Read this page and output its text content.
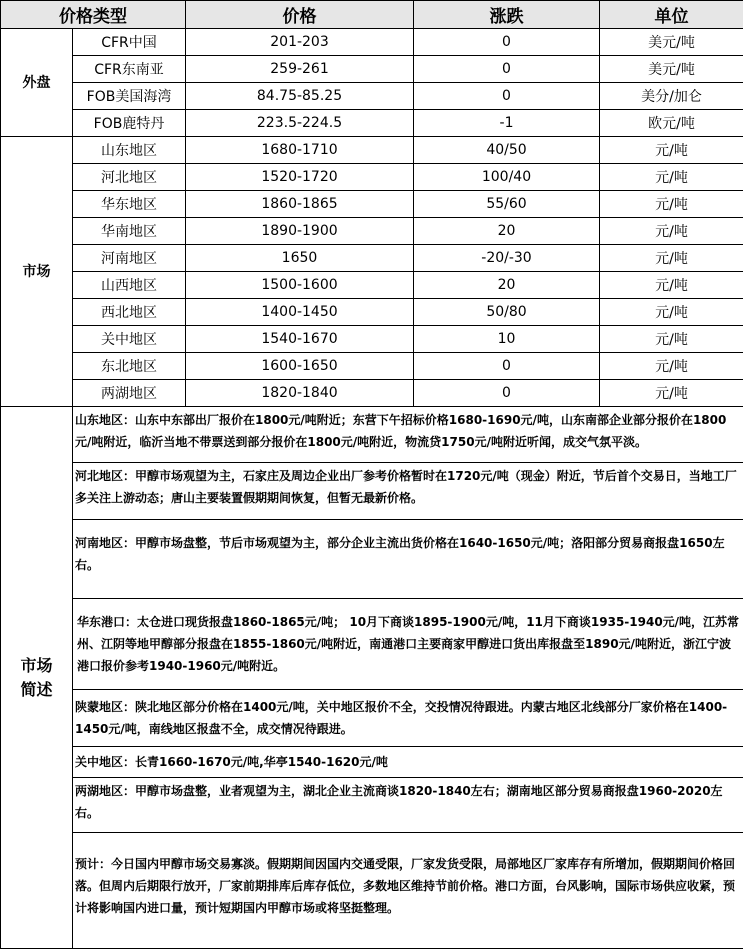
价格类型		价格	涨跌	单位
外盘	CFR中国	201-203	0	美元/吨
	CFR东南亚	259-261	0	美元/吨
	FOB美国海湾	84.75-85.25	0	美分/加仑
	FOB鹿特丹	223.5-224.5	-1	欧元/吨
市场	山东地区	1680-1710	40/50	元/吨
	河北地区	1520-1720	100/40	元/吨
	华东地区	1860-1865	55/60	元/吨
	华南地区	1890-1900	20	元/吨
	河南地区	1650	-20/-30	元/吨
	山西地区	1500-1600	20	元/吨
	西北地区	1400-1450	50/80	元/吨
	关中地区	1540-1670	10	元/吨
	东北地区	1600-1650	0	元/吨
	两湖地区	1820-1840	0	元/吨

市场
简述	山东地区：山东中东部出厂报价在1800元/吨附近；东营下午招标价格1680-1690元/吨，山东南部企业部分报价在1800元/吨附近，临沂当地不带票送到部分报价在1800元/吨附近，物流贷1750元/吨附近听闻，成交气氛平淡。			
	河北地区：甲醇市场观望为主，石家庄及周边企业出厂参考价格暂时在1720元/吨（现金）附近，节后首个交易日，当地工厂多关注上游动态；唐山主要装置假期期间恢复，但暂无最新价格。			
	河南地区：甲醇市场盘整，节后市场观望为主，部分企业主流出货价格在1640-1650元/吨；洛阳部分贸易商报盘1650左右。			
	华东港口：太仓进口现货报盘1860-1865元/吨； 10月下商谈1895-1900元/吨，11月下商谈1935-1940元/吨，江苏常州、江阴等地甲醇部分报盘在1855-1860元/吨附近，南通港口主要商家甲醇进口货出库报盘至1890元/吨附近，浙江宁波港口报价参考1940-1960元/吨附近。			
	陕蒙地区：陕北地区部分价格在1400元/吨，关中地区报价不全，交投情况待跟进。内蒙古地区北线部分厂家价格在1400-1450元/吨，南线地区报盘不全，成交情况待跟进。			
	关中地区：长青1660-1670元/吨,华亭1540-1620元/吨			
	两湖地区：甲醇市场盘整，业者观望为主，湖北企业主流商谈1820-1840左右；湖南地区部分贸易商报盘1960-2020左右。			
	预计：今日国内甲醇市场交易寡淡。假期期间因国内交通受限，厂家发货受限，局部地区厂家库存有所增加，假期期间价格回落。但周内后期限行放开，厂家前期排库后库存低位，多数地区维持节前价格。港口方面，台风影响，国际市场供应收紧，预计将影响国内进口量，预计短期国内甲醇市场或将坚挺整理。			
